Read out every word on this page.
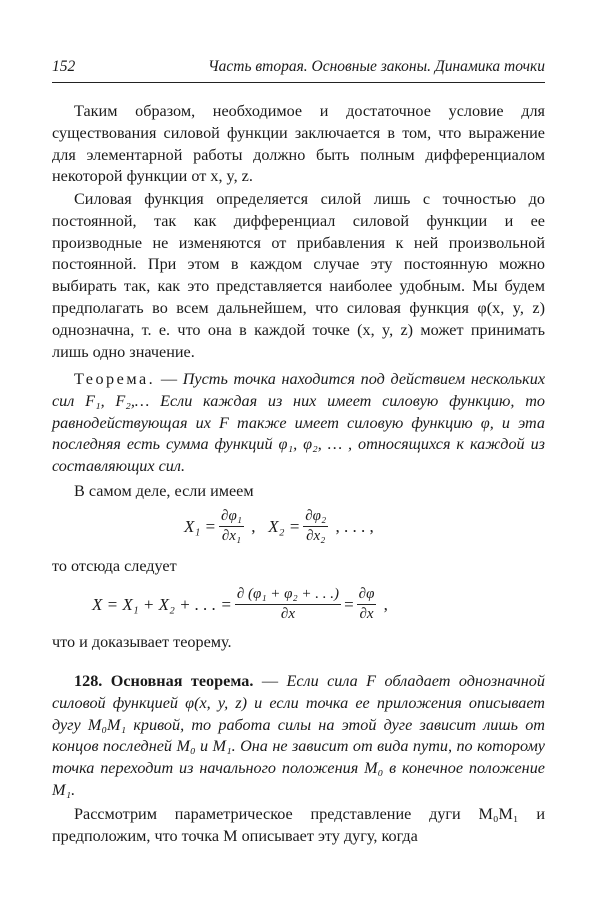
152	Часть вторая. Основные законы. Динамика точки

Таким образом, необходимое и достаточное условие для существования силовой функции заключается в том, что выражение для элементарной работы должно быть полным дифференциалом некоторой функции от x, y, z.

Силовая функция определяется силой лишь с точностью до постоянной, так как дифференциал силовой функции и ее производные не изменяются от прибавления к ней произвольной постоянной. При этом в каждом случае эту постоянную можно выбирать так, как это представляется наиболее удобным. Мы будем предполагать во всем дальнейшем, что силовая функция φ(x, y, z) однозначна, т. е. что она в каждой точке (x, y, z) может принимать лишь одно значение.

Теорема. — Пусть точка находится под действием нескольких сил F₁, F₂,… Если каждая из них имеет силовую функцию, то равнодействующая их F также имеет силовую функцию φ, и эта последняя есть сумма функций φ₁, φ₂, … , относящихся к каждой из составляющих сил.

В самом деле, если имеем

$X_1 = \frac{\text{∂φ₁}}{\text{∂x₁}}$ , $X_2 = \frac{\text{∂φ₂}}{\text{∂x₂}}$ , . . . ,

то отсюда следует

X = X₁ + X₂ + . . . = $\frac{\text{∂ (φ₁ + φ₂ + . . .)}}{\partial x} = \frac{\partial\varphi}{\partial x}$ ,

что и доказывает теорему.

128. Основная теорема. — Если сила F обладает однозначной силовой функцией φ(x, y, z) и если точка ее приложения описывает дугу M₀M₁ кривой, то работа силы на этой дуге зависит лишь от концов последней M₀ и M₁. Она не зависит от вида пути, по которому точка переходит из начального положения M₀ в конечное положение M₁.

Рассмотрим параметрическое представление дуги M₀M₁ и предположим, что точка M описывает эту дугу, когда
